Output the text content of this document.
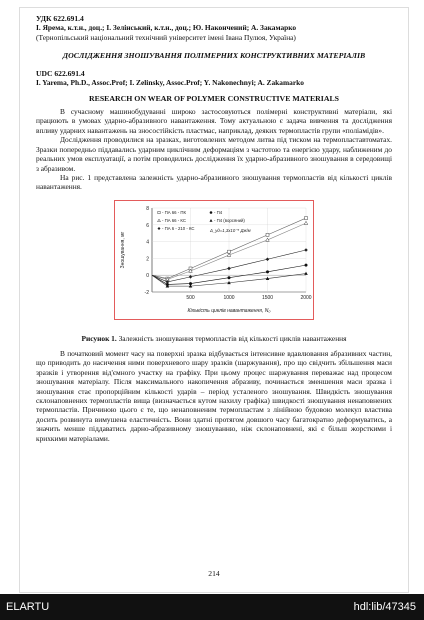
УДК 622.691.4
І. Яpема, к.т.н., доц.; І. Зелінський, к.т.н., доц.; Ю. Накончений; А. Закамарко
(Тернопільський національний технічний університет імені Івана Пулюя, Україна)
ДОСЛІДЖЕННЯ ЗНОШУВАННЯ ПОЛІМЕРНИХ КОНСТРУКТИВНИХ МАТЕРІАЛІВ
UDC 622.691.4
I. Yarema, Ph.D., Assoc.Prof; I. Zelinsky, Assoc.Prof; Y. Nakonechnyi; A. Zakamarko
RESEARCH ON WEAR OF POLYMER CONSTRUCTIVE MATERIALS
В сучасному машинобудуванні широко застосовуються полімерні конструктивні матеріали, які працюють в умовах ударно-абразивного навантаження. Тому актуальною є задача вивчення та дослідження впливу ударних навантажень на зносостійкість пластмас, наприклад, деяких термопластів групи «поліамідів».
Дослідження проводилися на зразках, виготовлених методом литва під тиском на термопластавтоматах. Зразки попередньо піддавались ударним циклічним деформаціям з частотою та енергією удару, наближеним до реальних умов експлуатації, а потім проводились дослідження їх ударно-абразивного зношування в середовищі з абразивом.
На рис. 1 представлена залежність ударно-абразивного зношування термопластів від кількості циклів навантаження.
-2
0
2
4
6
8
500	1000	1500	2000
Кількість циклів навантаження, N₀
Зношування, мг
- ПА 66 - ПК
- ПА 66 - КС
- ПА 6 - 210 - КС
- П4
- П4 (ворсяний)
Δ_уд=1,3x10⁻⁵ Дж/м
Рисунок 1. Залежність зношування термопластів від кількості циклів навантаження
В початковий момент часу на поверхні зразка відбувається інтенсивне вдавлювання абразивних частин, що приводить до насичення ними поверхневого шару зразків (шаржування), про що свідчить збільшення маси зразків і утворення від'ємного участку на графіку. При цьому процес шаржування переважає над процесом зношування матеріалу. Після максимального накопичення абразиву, починається зменшення маси зразка і зношування стає пропорційним кількості ударів – період усталеного зношування. Швидкість зношування склонаповнених термопластів вища (визначається кутом нахилу графіка) швидкості зношування ненаповнених термопластів. Причиною цього є те, що ненаповненим термопластам з лінійною будовою молекул властива досить розвинута вимушена еластичність. Вони здатні протягом довшого часу багатократно деформуватись, а значить менше піддаватись дарно-абразивному зношуванню, ніж склонаповнені, які є більш жорсткими і крихкими матеріалами.
214
ELARTU	hdl:lib/47345
